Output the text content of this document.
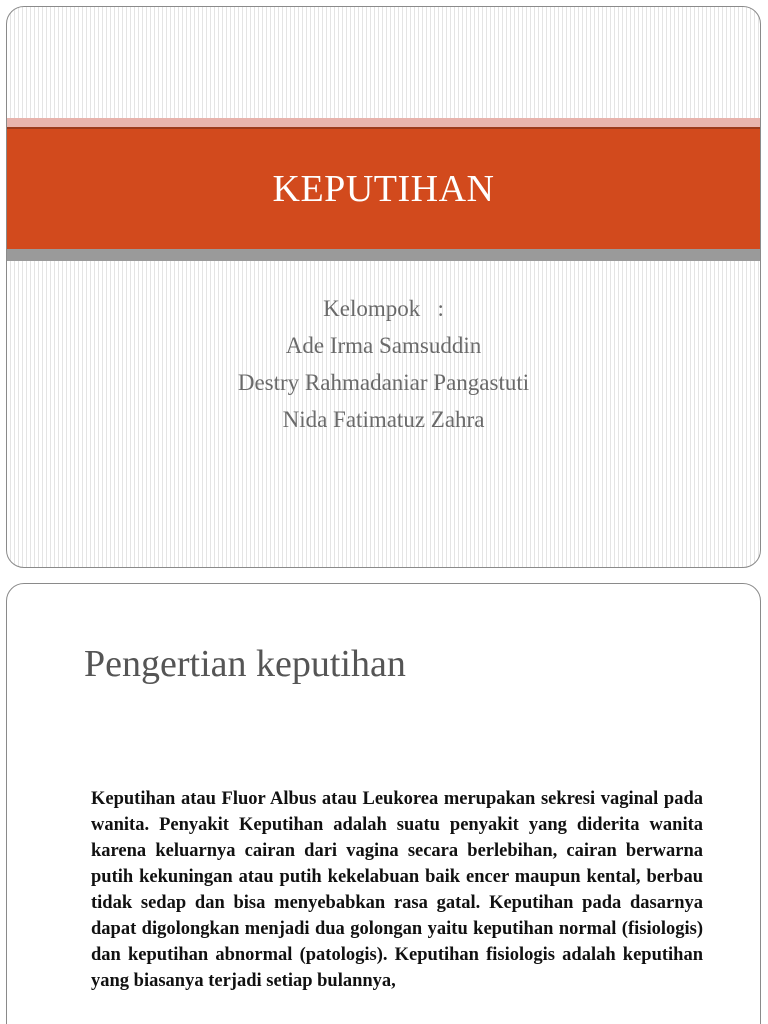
KEPUTIHAN
Kelompok   :
Ade Irma Samsuddin
Destry Rahmadaniar Pangastuti
Nida Fatimatuz Zahra
Pengertian keputihan
Keputihan atau Fluor Albus atau Leukorea merupakan sekresi vaginal pada wanita. Penyakit Keputihan adalah suatu penyakit yang diderita wanita karena keluarnya cairan dari vagina secara berlebihan, cairan berwarna putih kekuningan atau putih kekelabuan baik encer maupun kental, berbau tidak sedap dan bisa menyebabkan rasa gatal. Keputihan pada dasarnya dapat digolongkan menjadi dua golongan yaitu keputihan normal (fisiologis) dan keputihan abnormal (patologis). Keputihan fisiologis adalah keputihan yang biasanya terjadi setiap bulannya,
